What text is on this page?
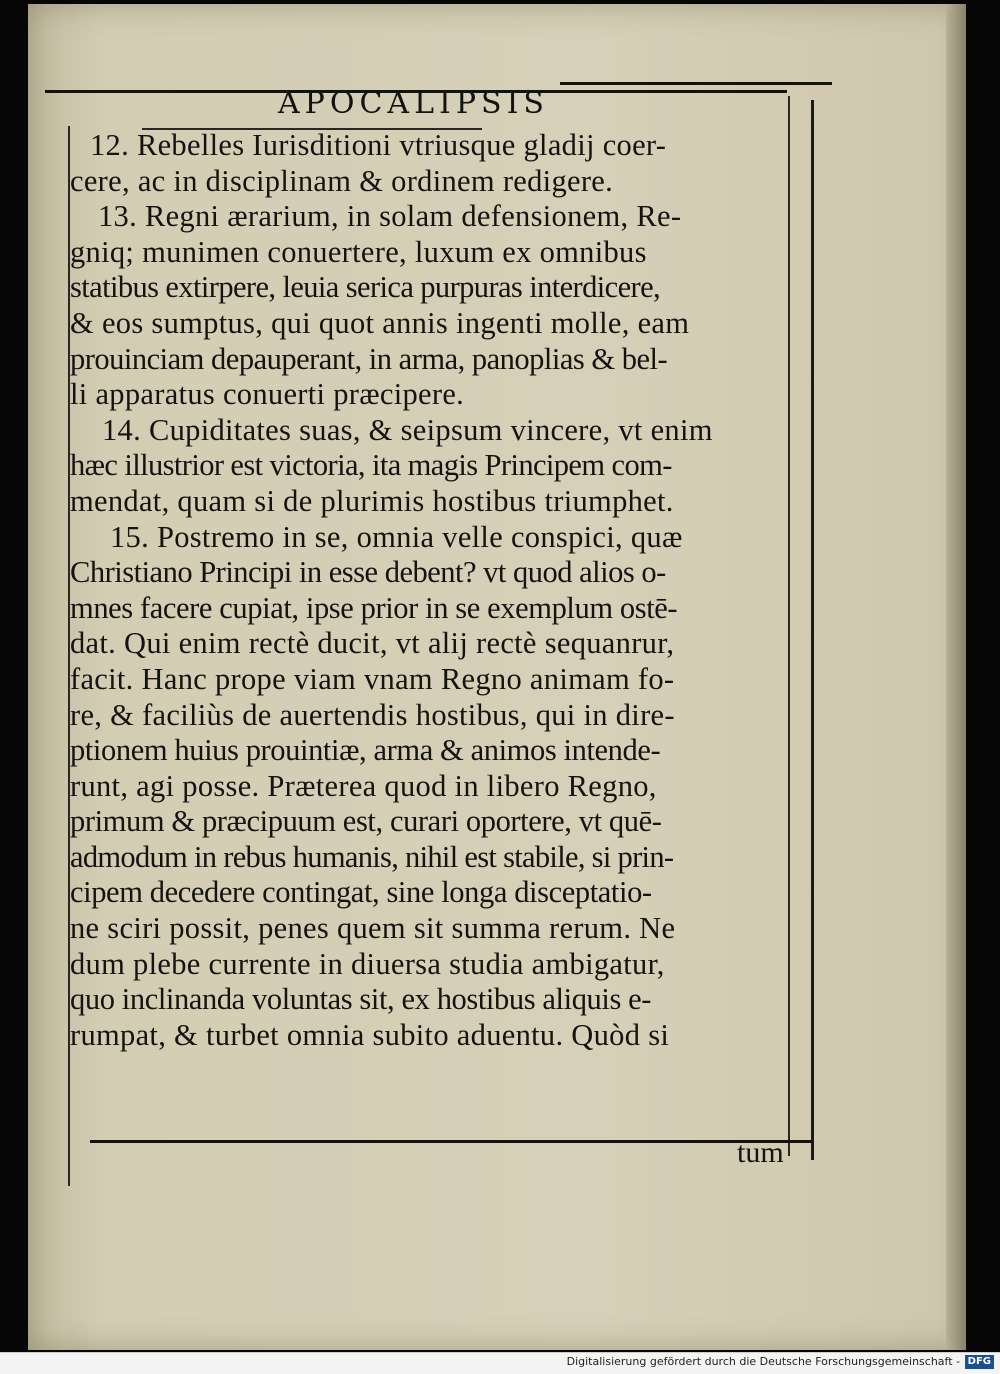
APOCALIPSIS
12. Rebelles Iurisditioni vtriusque gladij coer-
cere, ac in disciplinam & ordinem redigere.
13. Regni ærarium, in solam defensionem, Re-
gniq; munimen conuertere, luxum ex omnibus
statibus extirpere, leuia serica purpuras interdicere,
& eos sumptus, qui quot annis ingenti molle, eam
prouinciam depauperant, in arma, panoplias & bel-
li apparatus conuerti præcipere.
14. Cupiditates suas, & seipsum vincere, vt enim
hæc illustrior est victoria, ita magis Principem com-
mendat, quam si de plurimis hostibus triumphet.
15. Postremo in se, omnia velle conspici, quæ
Christiano Principi in esse debent? vt quod alios o-
mnes facere cupiat, ipse prior in se exemplum ostē-
dat. Qui enim rectè ducit, vt alij rectè sequanrur,
facit. Hanc prope viam vnam Regno animam fo-
re, & faciliùs de auertendis hostibus, qui in dire-
ptionem huius prouintiæ, arma & animos intende-
runt, agi posse. Præterea quod in libero Regno,
primum & præcipuum est, curari oportere, vt quē-
admodum in rebus humanis, nihil est stabile, si prin-
cipem decedere contingat, sine longa disceptatio-
ne sciri possit, penes quem sit summa rerum. Ne
dum plebe currente in diuersa studia ambigatur,
quo inclinanda voluntas sit, ex hostibus aliquis e-
rumpat, & turbet omnia subito aduentu. Quòd si
tum
Digitalisierung gefördert durch die Deutsche Forschungsgemeinschaft - DFG
